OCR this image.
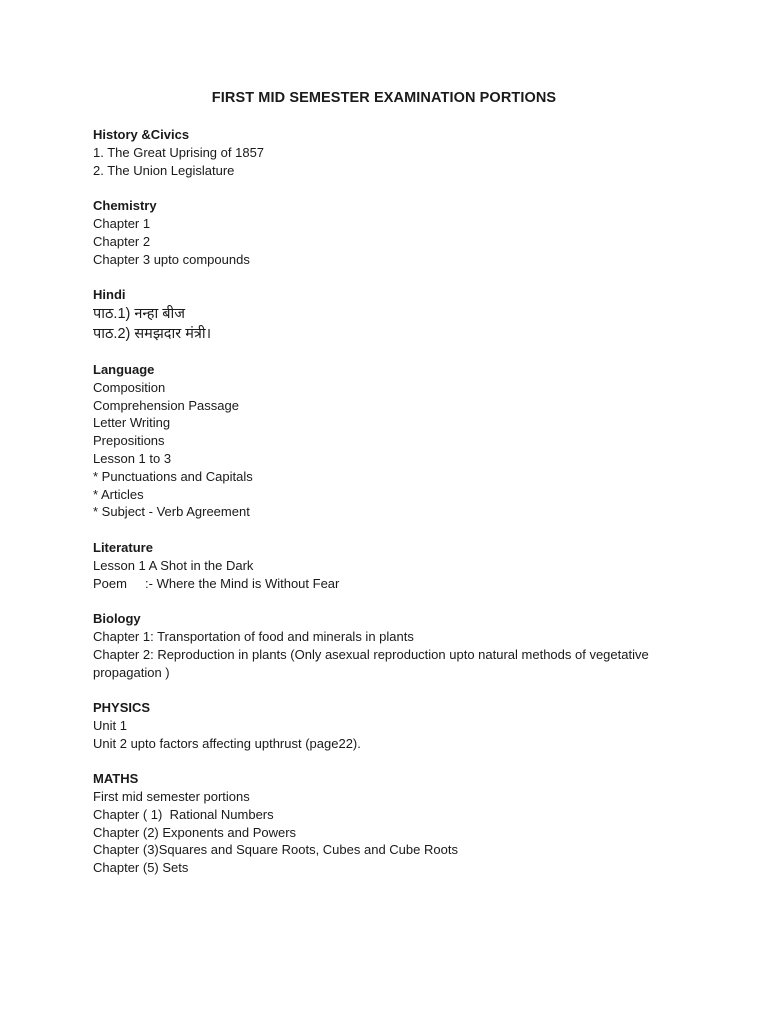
FIRST MID SEMESTER EXAMINATION PORTIONS
History &Civics
1. The Great Uprising of 1857
2. The Union Legislature
Chemistry
Chapter 1
Chapter 2
Chapter 3 upto compounds
Hindi
पाठ.1) नन्हा बीज
पाठ.2) समझदार मंत्री।
Language
Composition
Comprehension Passage
Letter Writing
Prepositions
Lesson 1 to 3
* Punctuations and Capitals
* Articles
* Subject - Verb Agreement
Literature
Lesson 1 A Shot in the Dark
Poem     :- Where the Mind is Without Fear
Biology
Chapter 1: Transportation of food and minerals in plants
Chapter 2: Reproduction in plants (Only asexual reproduction upto natural methods of vegetative propagation )
PHYSICS
Unit 1
Unit 2 upto factors affecting upthrust (page22).
MATHS
First mid semester portions
Chapter ( 1)  Rational Numbers
Chapter (2) Exponents and Powers
Chapter (3)Squares and Square Roots, Cubes and Cube Roots
Chapter (5) Sets
